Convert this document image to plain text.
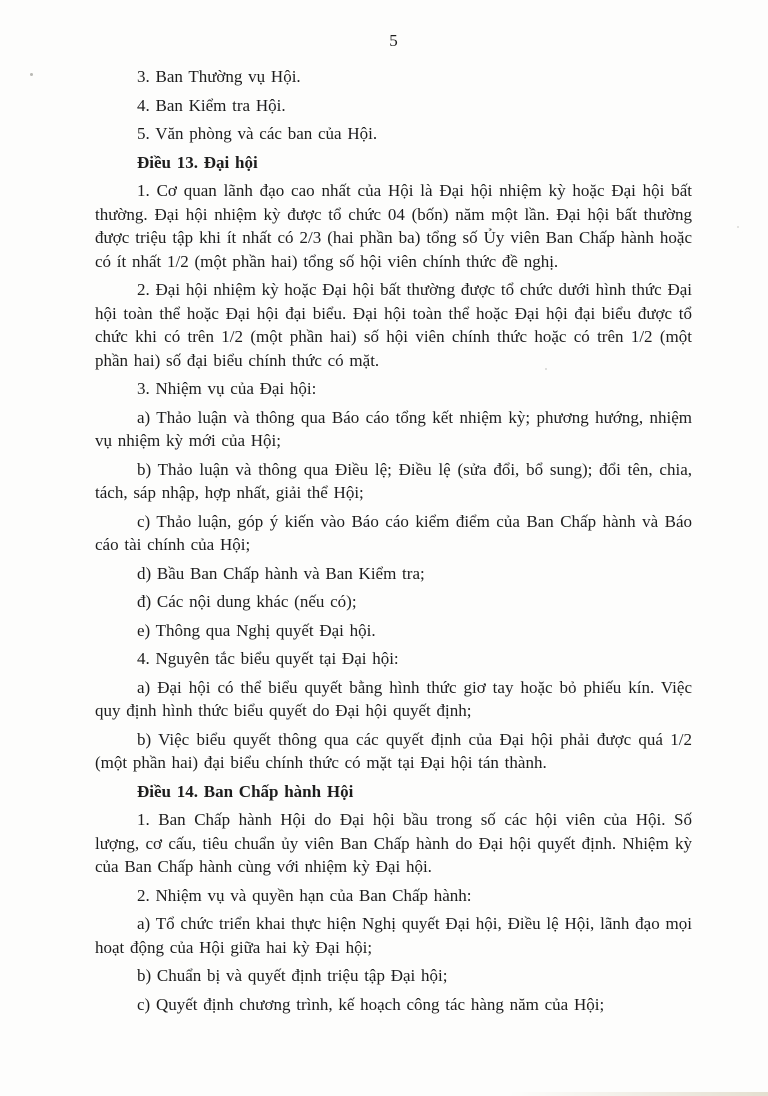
5

3. Ban Thường vụ Hội.

4. Ban Kiểm tra Hội.

5. Văn phòng và các ban của Hội.

Điều 13. Đại hội

1. Cơ quan lãnh đạo cao nhất của Hội là Đại hội nhiệm kỳ hoặc Đại hội bất thường. Đại hội nhiệm kỳ được tổ chức 04 (bốn) năm một lần. Đại hội bất thường được triệu tập khi ít nhất có 2/3 (hai phần ba) tổng số Ủy viên Ban Chấp hành hoặc có ít nhất 1/2 (một phần hai) tổng số hội viên chính thức đề nghị.

2. Đại hội nhiệm kỳ hoặc Đại hội bất thường được tổ chức dưới hình thức Đại hội toàn thể hoặc Đại hội đại biểu. Đại hội toàn thể hoặc Đại hội đại biểu được tổ chức khi có trên 1/2 (một phần hai) số hội viên chính thức hoặc có trên 1/2 (một phần hai) số đại biểu chính thức có mặt.

3. Nhiệm vụ của Đại hội:

a) Thảo luận và thông qua Báo cáo tổng kết nhiệm kỳ; phương hướng, nhiệm vụ nhiệm kỳ mới của Hội;

b) Thảo luận và thông qua Điều lệ; Điều lệ (sửa đổi, bổ sung); đổi tên, chia, tách, sáp nhập, hợp nhất, giải thể Hội;

c) Thảo luận, góp ý kiến vào Báo cáo kiểm điểm của Ban Chấp hành và Báo cáo tài chính của Hội;

d) Bầu Ban Chấp hành và Ban Kiểm tra;

đ) Các nội dung khác (nếu có);

e) Thông qua Nghị quyết Đại hội.

4. Nguyên tắc biểu quyết tại Đại hội:

a) Đại hội có thể biểu quyết bằng hình thức giơ tay hoặc bỏ phiếu kín. Việc quy định hình thức biểu quyết do Đại hội quyết định;

b) Việc biểu quyết thông qua các quyết định của Đại hội phải được quá 1/2 (một phần hai) đại biểu chính thức có mặt tại Đại hội tán thành.

Điều 14. Ban Chấp hành Hội

1. Ban Chấp hành Hội do Đại hội bầu trong số các hội viên của Hội. Số lượng, cơ cấu, tiêu chuẩn ủy viên Ban Chấp hành do Đại hội quyết định. Nhiệm kỳ của Ban Chấp hành cùng với nhiệm kỳ Đại hội.

2. Nhiệm vụ và quyền hạn của Ban Chấp hành:

a) Tổ chức triển khai thực hiện Nghị quyết Đại hội, Điều lệ Hội, lãnh đạo mọi hoạt động của Hội giữa hai kỳ Đại hội;

b) Chuẩn bị và quyết định triệu tập Đại hội;

c) Quyết định chương trình, kế hoạch công tác hàng năm của Hội;
